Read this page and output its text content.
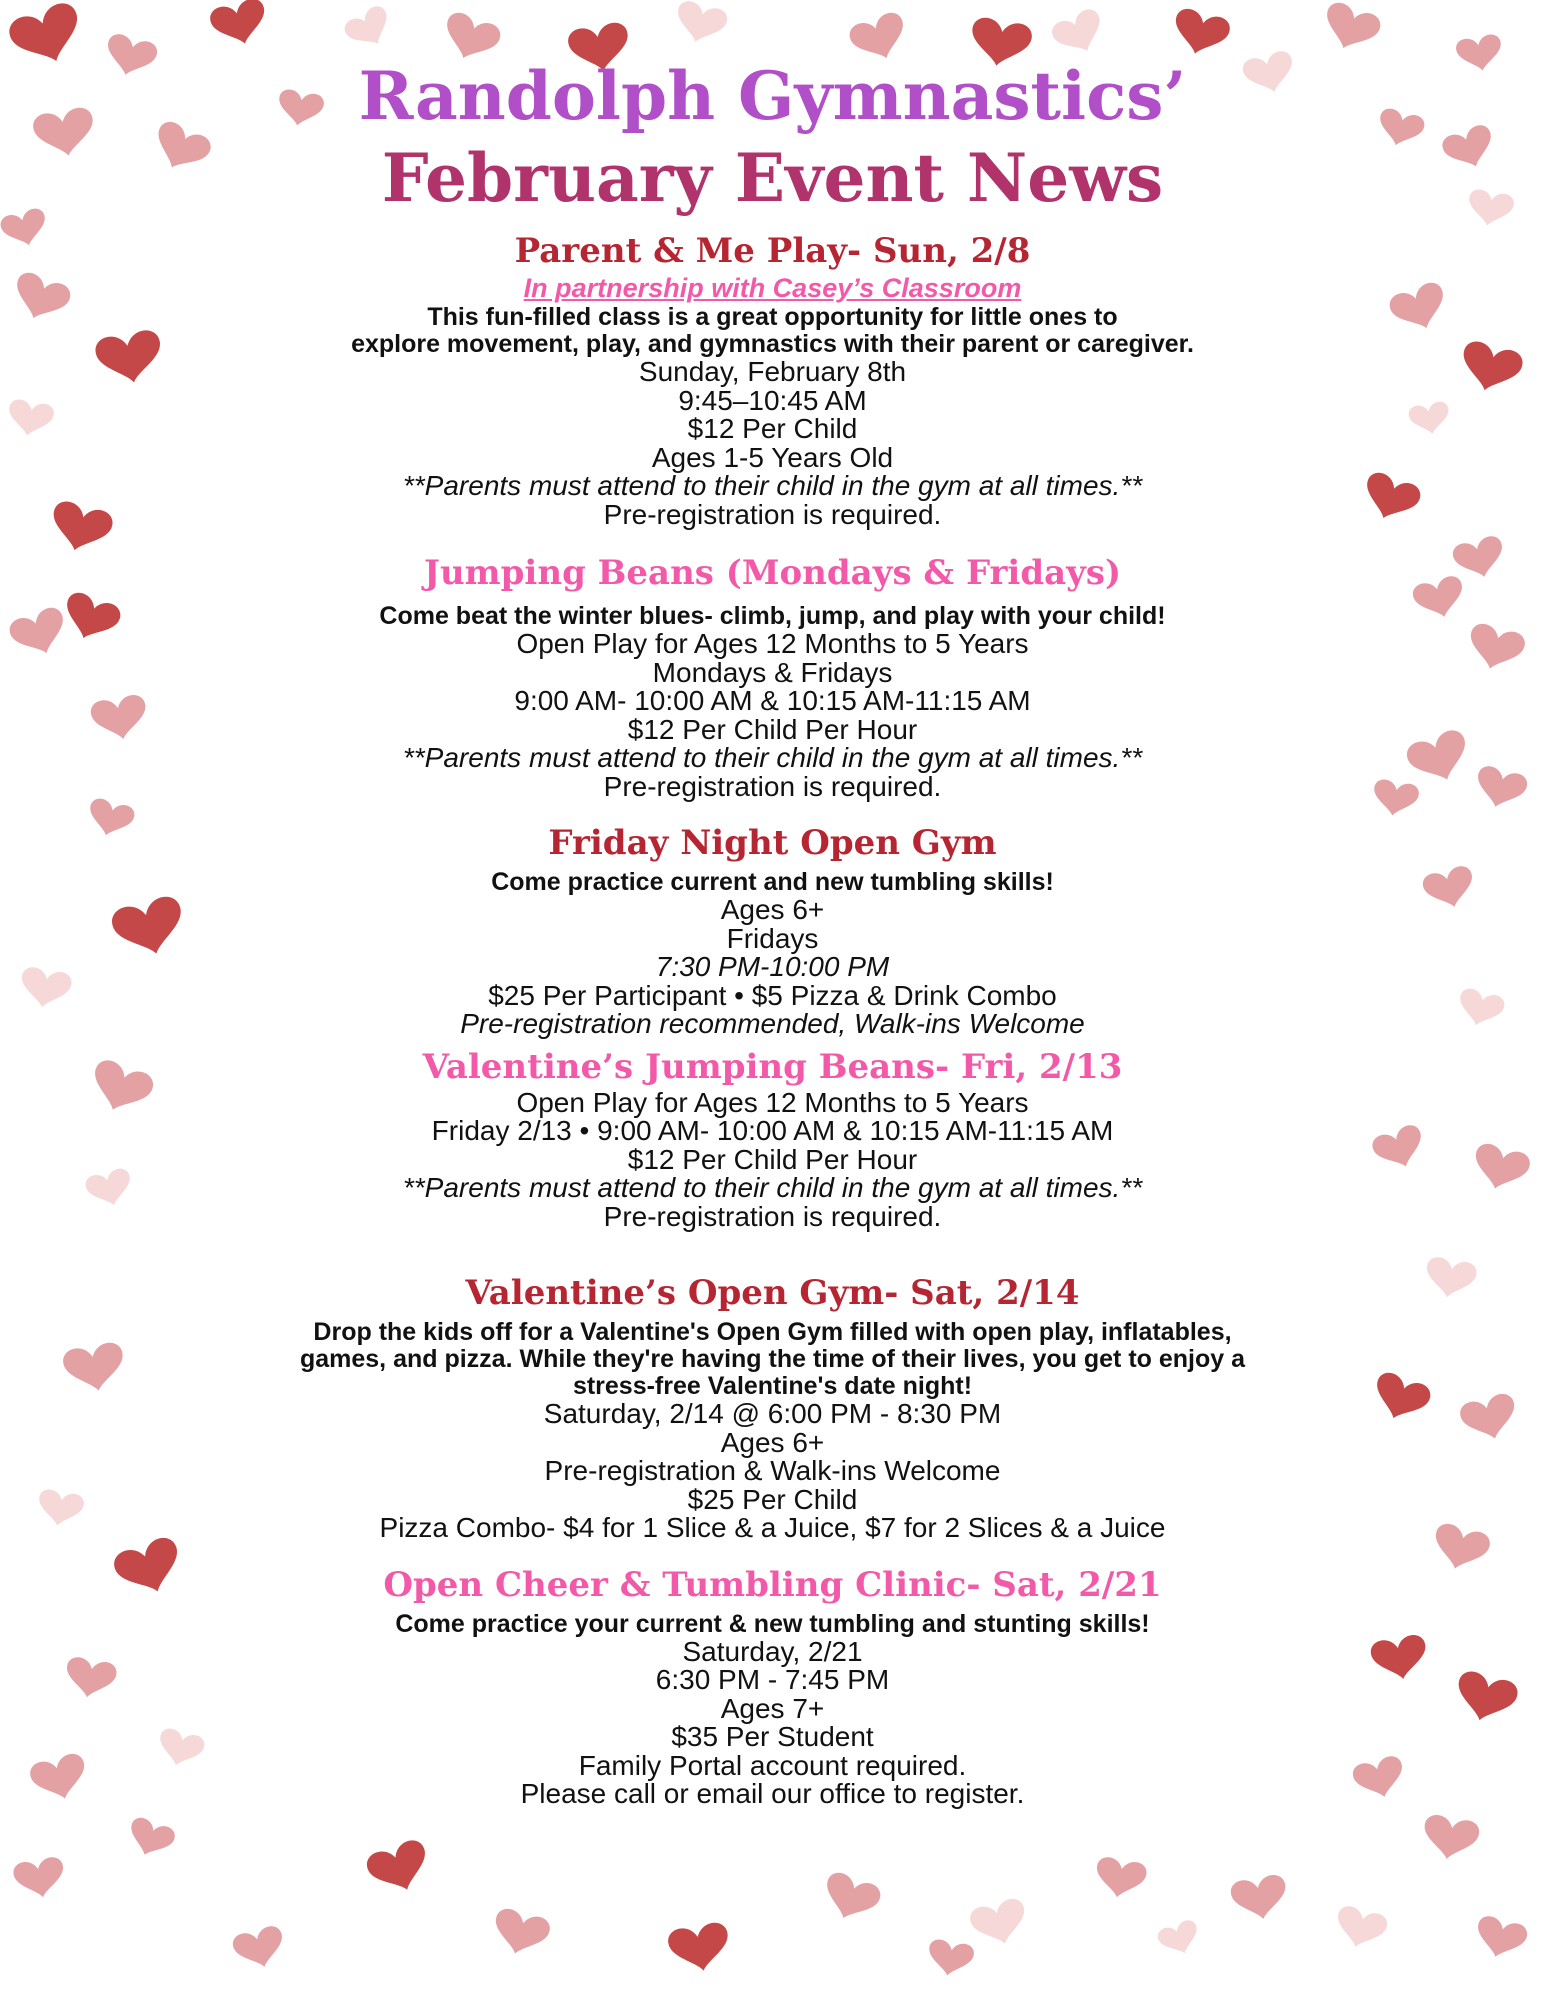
Randolph Gymnastics’
February Event News
Parent & Me Play- Sun, 2/8
In partnership with Casey’s Classroom
This fun-filled class is a great opportunity for little ones to
explore movement, play, and gymnastics with their parent or caregiver.
Sunday, February 8th
9:45–10:45 AM
$12 Per Child
Ages 1-5 Years Old
**Parents must attend to their child in the gym at all times.**
Pre-registration is required.
Jumping Beans (Mondays & Fridays)
Come beat the winter blues- climb, jump, and play with your child!
Open Play for Ages 12 Months to 5 Years
Mondays & Fridays
9:00 AM- 10:00 AM & 10:15 AM-11:15 AM
$12 Per Child Per Hour
**Parents must attend to their child in the gym at all times.**
Pre-registration is required.
Friday Night Open Gym
Come practice current and new tumbling skills!
Ages 6+
Fridays
7:30 PM-10:00 PM
$25 Per Participant • $5 Pizza & Drink Combo
Pre-registration recommended, Walk-ins Welcome
Valentine’s Jumping Beans- Fri, 2/13
Open Play for Ages 12 Months to 5 Years
Friday 2/13 • 9:00 AM- 10:00 AM & 10:15 AM-11:15 AM
$12 Per Child Per Hour
**Parents must attend to their child in the gym at all times.**
Pre-registration is required.
Valentine’s Open Gym- Sat, 2/14
Drop the kids off for a Valentine's Open Gym filled with open play, inflatables,
games, and pizza. While they're having the time of their lives, you get to enjoy a
stress-free Valentine's date night!
Saturday, 2/14 @ 6:00 PM - 8:30 PM
Ages 6+
Pre-registration & Walk-ins Welcome
$25 Per Child
Pizza Combo- $4 for 1 Slice & a Juice, $7 for 2 Slices & a Juice
Open Cheer & Tumbling Clinic- Sat, 2/21
Come practice your current & new tumbling and stunting skills!
Saturday, 2/21
6:30 PM - 7:45 PM
Ages 7+
$35 Per Student
Family Portal account required.
Please call or email our office to register.
